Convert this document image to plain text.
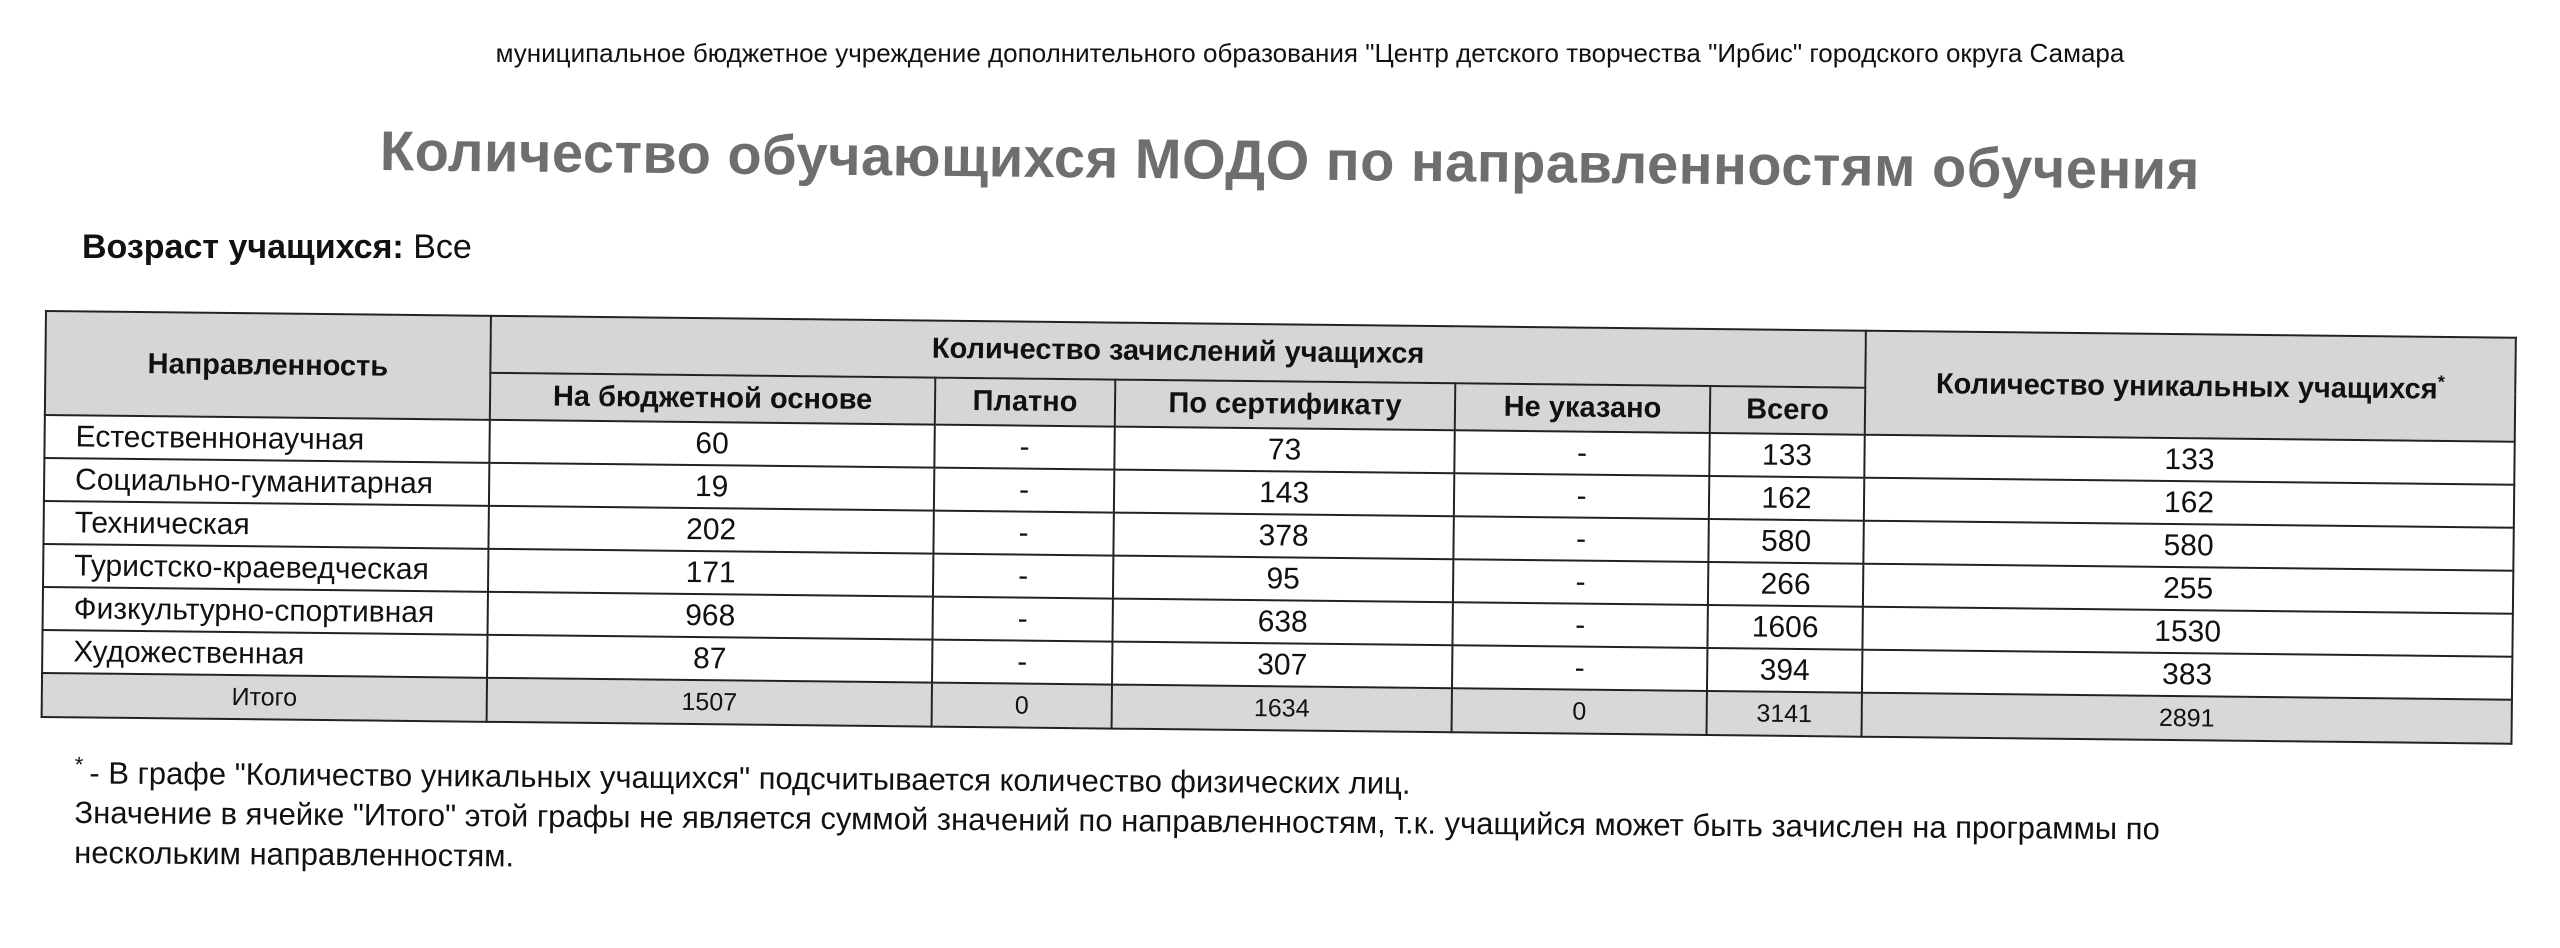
муниципальное бюджетное учреждение дополнительного образования "Центр детского творчества "Ирбис" городского округа Самара
Количество обучающихся МОДО по направленностям обучения
Возраст учащихся: Все
Направленность	Количество зачислений учащихся					Количество уникальных учащихся*
	На бюджетной основе	Платно	По сертификату	Не указано	Всего	
Естественнонаучная	60	-	73	-	133	133
Социально-гуманитарная	19	-	143	-	162	162
Техническая	202	-	378	-	580	580
Туристско-краеведческая	171	-	95	-	266	255
Физкультурно-спортивная	968	-	638	-	1606	1530
Художественная	87	-	307	-	394	383
Итого	1507	0	1634	0	3141	2891
* - В графе "Количество уникальных учащихся" подсчитывается количество физических лиц.
Значение в ячейке "Итого" этой графы не является суммой значений по направленностям, т.к. учащийся может быть зачислен на программы по
нескольким направленностям.
